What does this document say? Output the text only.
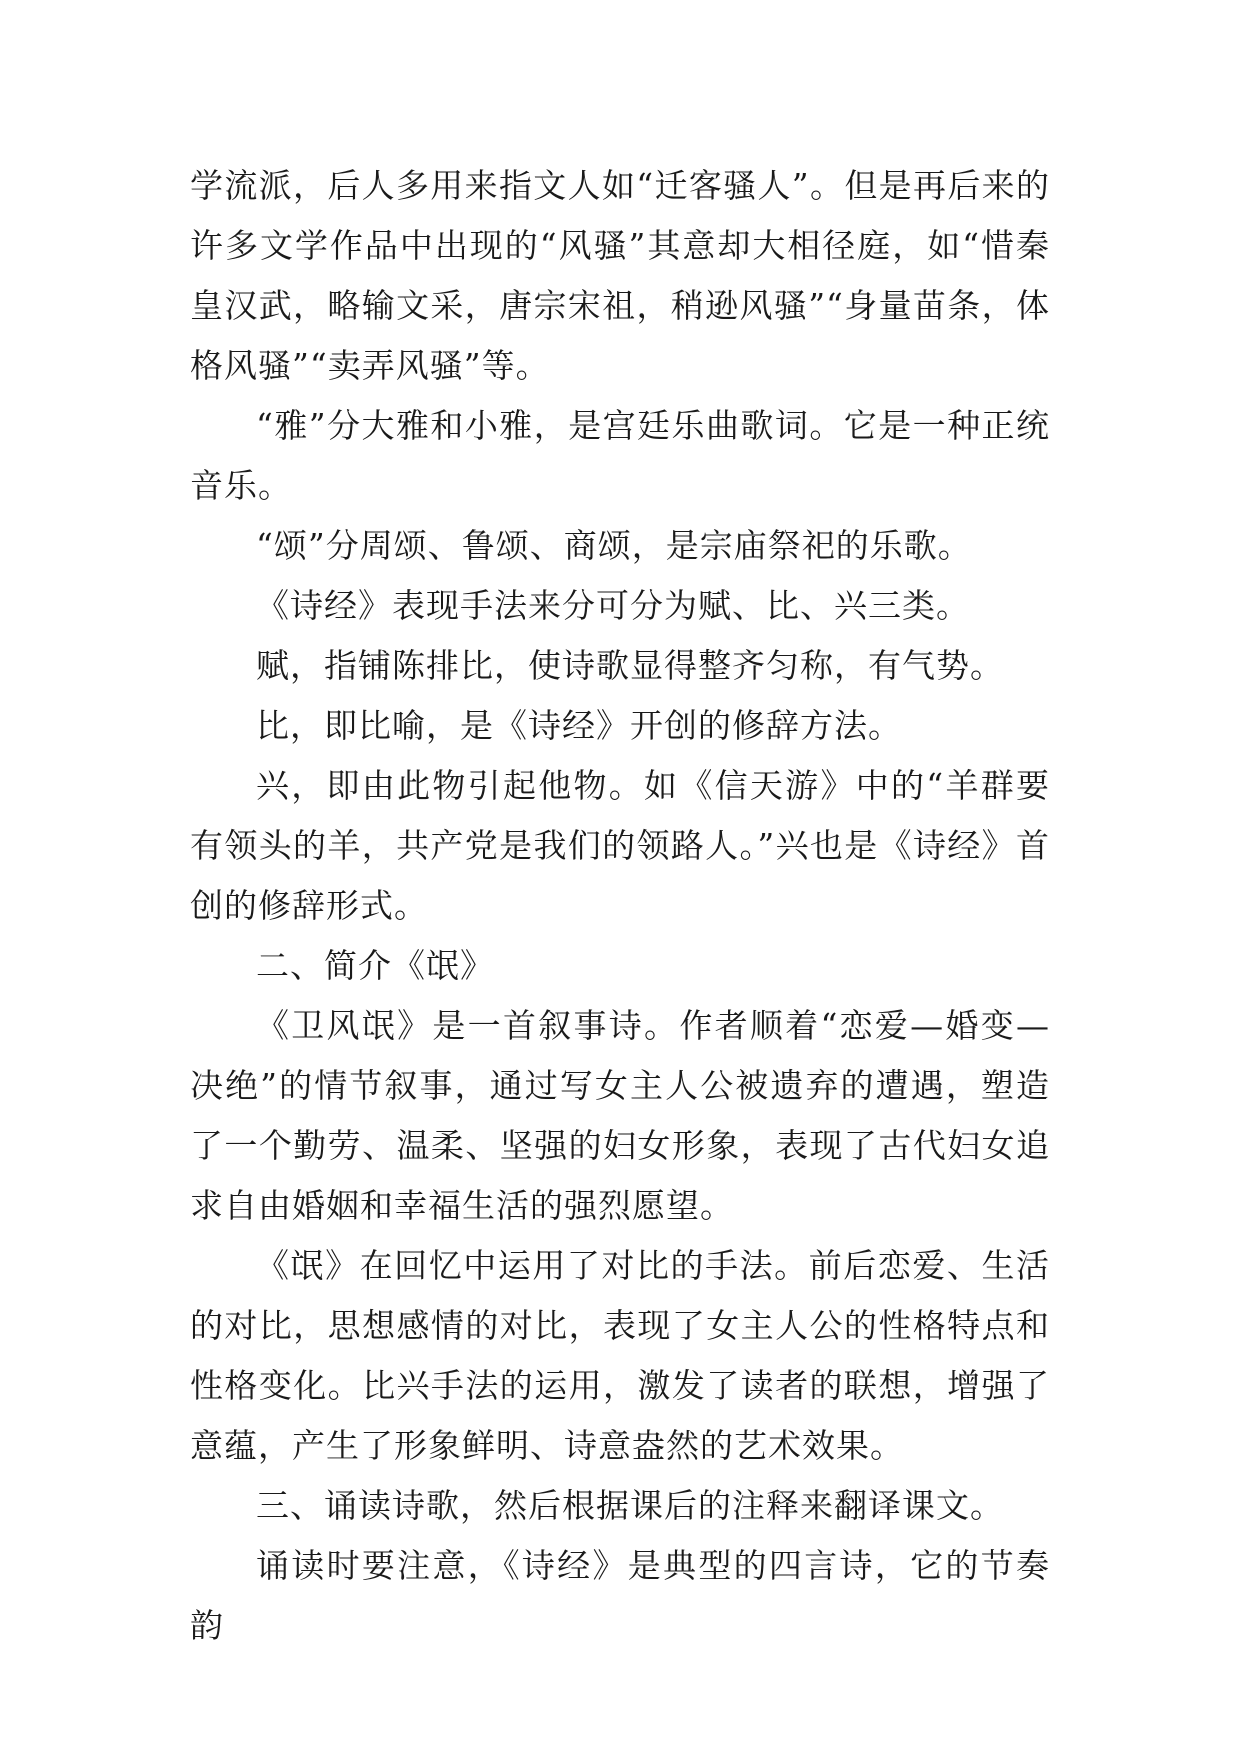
学流派，后人多用来指文人如“迁客骚人”。但是再后来的许多文学作品中出现的“风骚”其意却大相径庭，如“惜秦皇汉武，略输文采，唐宗宋祖，稍逊风骚”“身量苗条，体格风骚”“卖弄风骚”等。

“雅”分大雅和小雅，是宫廷乐曲歌词。它是一种正统音乐。

“颂”分周颂、鲁颂、商颂，是宗庙祭祀的乐歌。

《诗经》表现手法来分可分为赋、比、兴三类。

赋，指铺陈排比，使诗歌显得整齐匀称，有气势。

比，即比喻，是《诗经》开创的修辞方法。

兴，即由此物引起他物。如《信天游》中的“羊群要有领头的羊，共产党是我们的领路人。”兴也是《诗经》首创的修辞形式。

二、简介《氓》

《卫风氓》是一首叙事诗。作者顺着“恋爱—婚变—决绝”的情节叙事，通过写女主人公被遗弃的遭遇，塑造了一个勤劳、温柔、坚强的妇女形象，表现了古代妇女追求自由婚姻和幸福生活的强烈愿望。

《氓》在回忆中运用了对比的手法。前后恋爱、生活的对比，思想感情的对比，表现了女主人公的性格特点和性格变化。比兴手法的运用，激发了读者的联想，增强了意蕴，产生了形象鲜明、诗意盎然的艺术效果。

三、诵读诗歌，然后根据课后的注释来翻译课文。

诵读时要注意，《诗经》是典型的四言诗，它的节奏韵
